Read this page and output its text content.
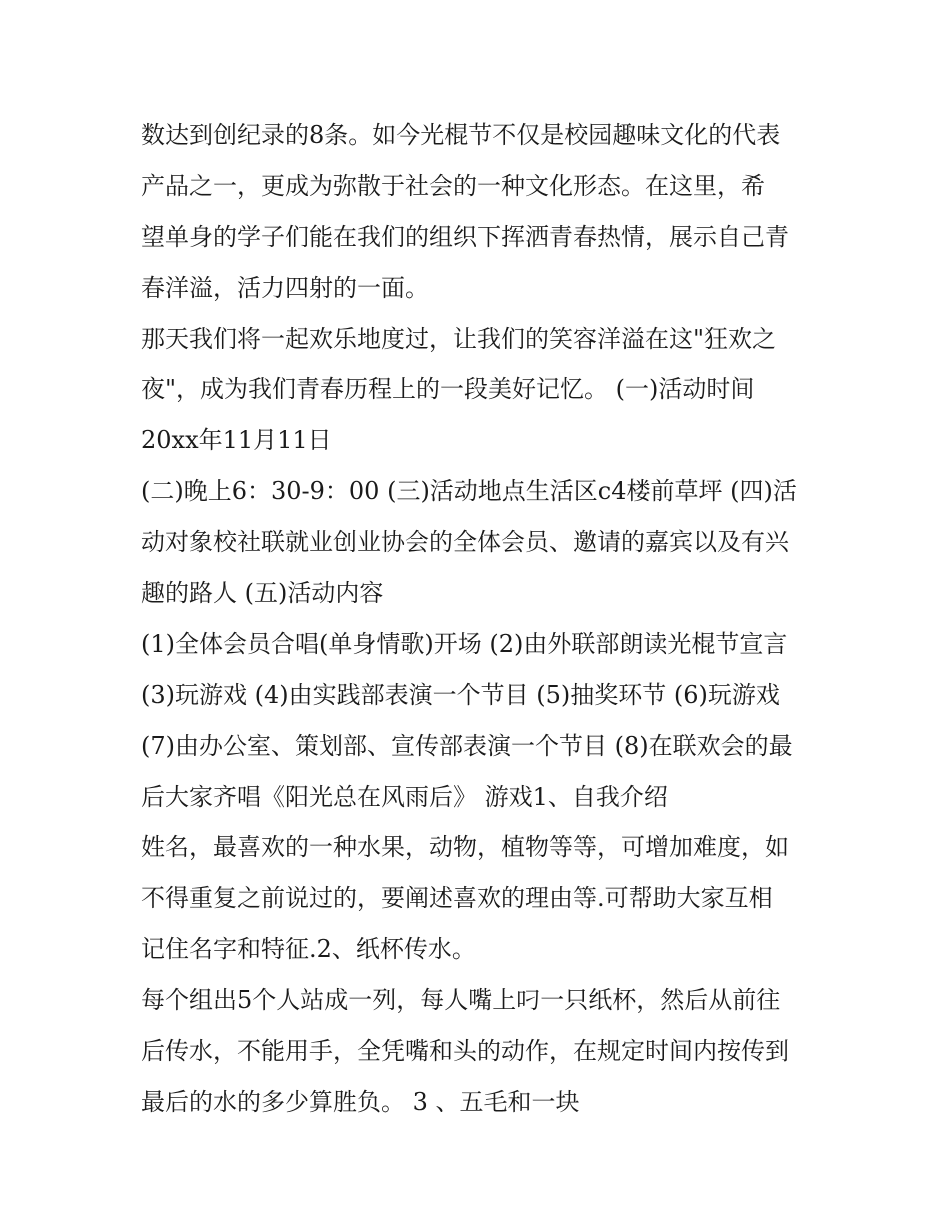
数达到创纪录的8条。如今光棍节不仅是校园趣味文化的代表
产品之一，更成为弥散于社会的一种文化形态。在这里，希
望单身的学子们能在我们的组织下挥洒青春热情，展示自己青
春洋溢，活力四射的一面。
那天我们将一起欢乐地度过，让我们的笑容洋溢在这"狂欢之
夜"，成为我们青春历程上的一段美好记忆。 (一)活动时间
20xx年11月11日
(二)晚上6：30-9：00 (三)活动地点生活区c4楼前草坪 (四)活
动对象校社联就业创业协会的全体会员、邀请的嘉宾以及有兴
趣的路人 (五)活动内容
(1)全体会员合唱(单身情歌)开场 (2)由外联部朗读光棍节宣言
(3)玩游戏 (4)由实践部表演一个节目 (5)抽奖环节 (6)玩游戏
(7)由办公室、策划部、宣传部表演一个节目 (8)在联欢会的最
后大家齐唱《阳光总在风雨后》 游戏1、自我介绍
姓名，最喜欢的一种水果，动物，植物等等，可增加难度，如
不得重复之前说过的，要阐述喜欢的理由等.可帮助大家互相
记住名字和特征.2、纸杯传水。
每个组出5个人站成一列，每人嘴上叼一只纸杯，然后从前往
后传水，不能用手，全凭嘴和头的动作，在规定时间内按传到
最后的水的多少算胜负。 3 、五毛和一块
